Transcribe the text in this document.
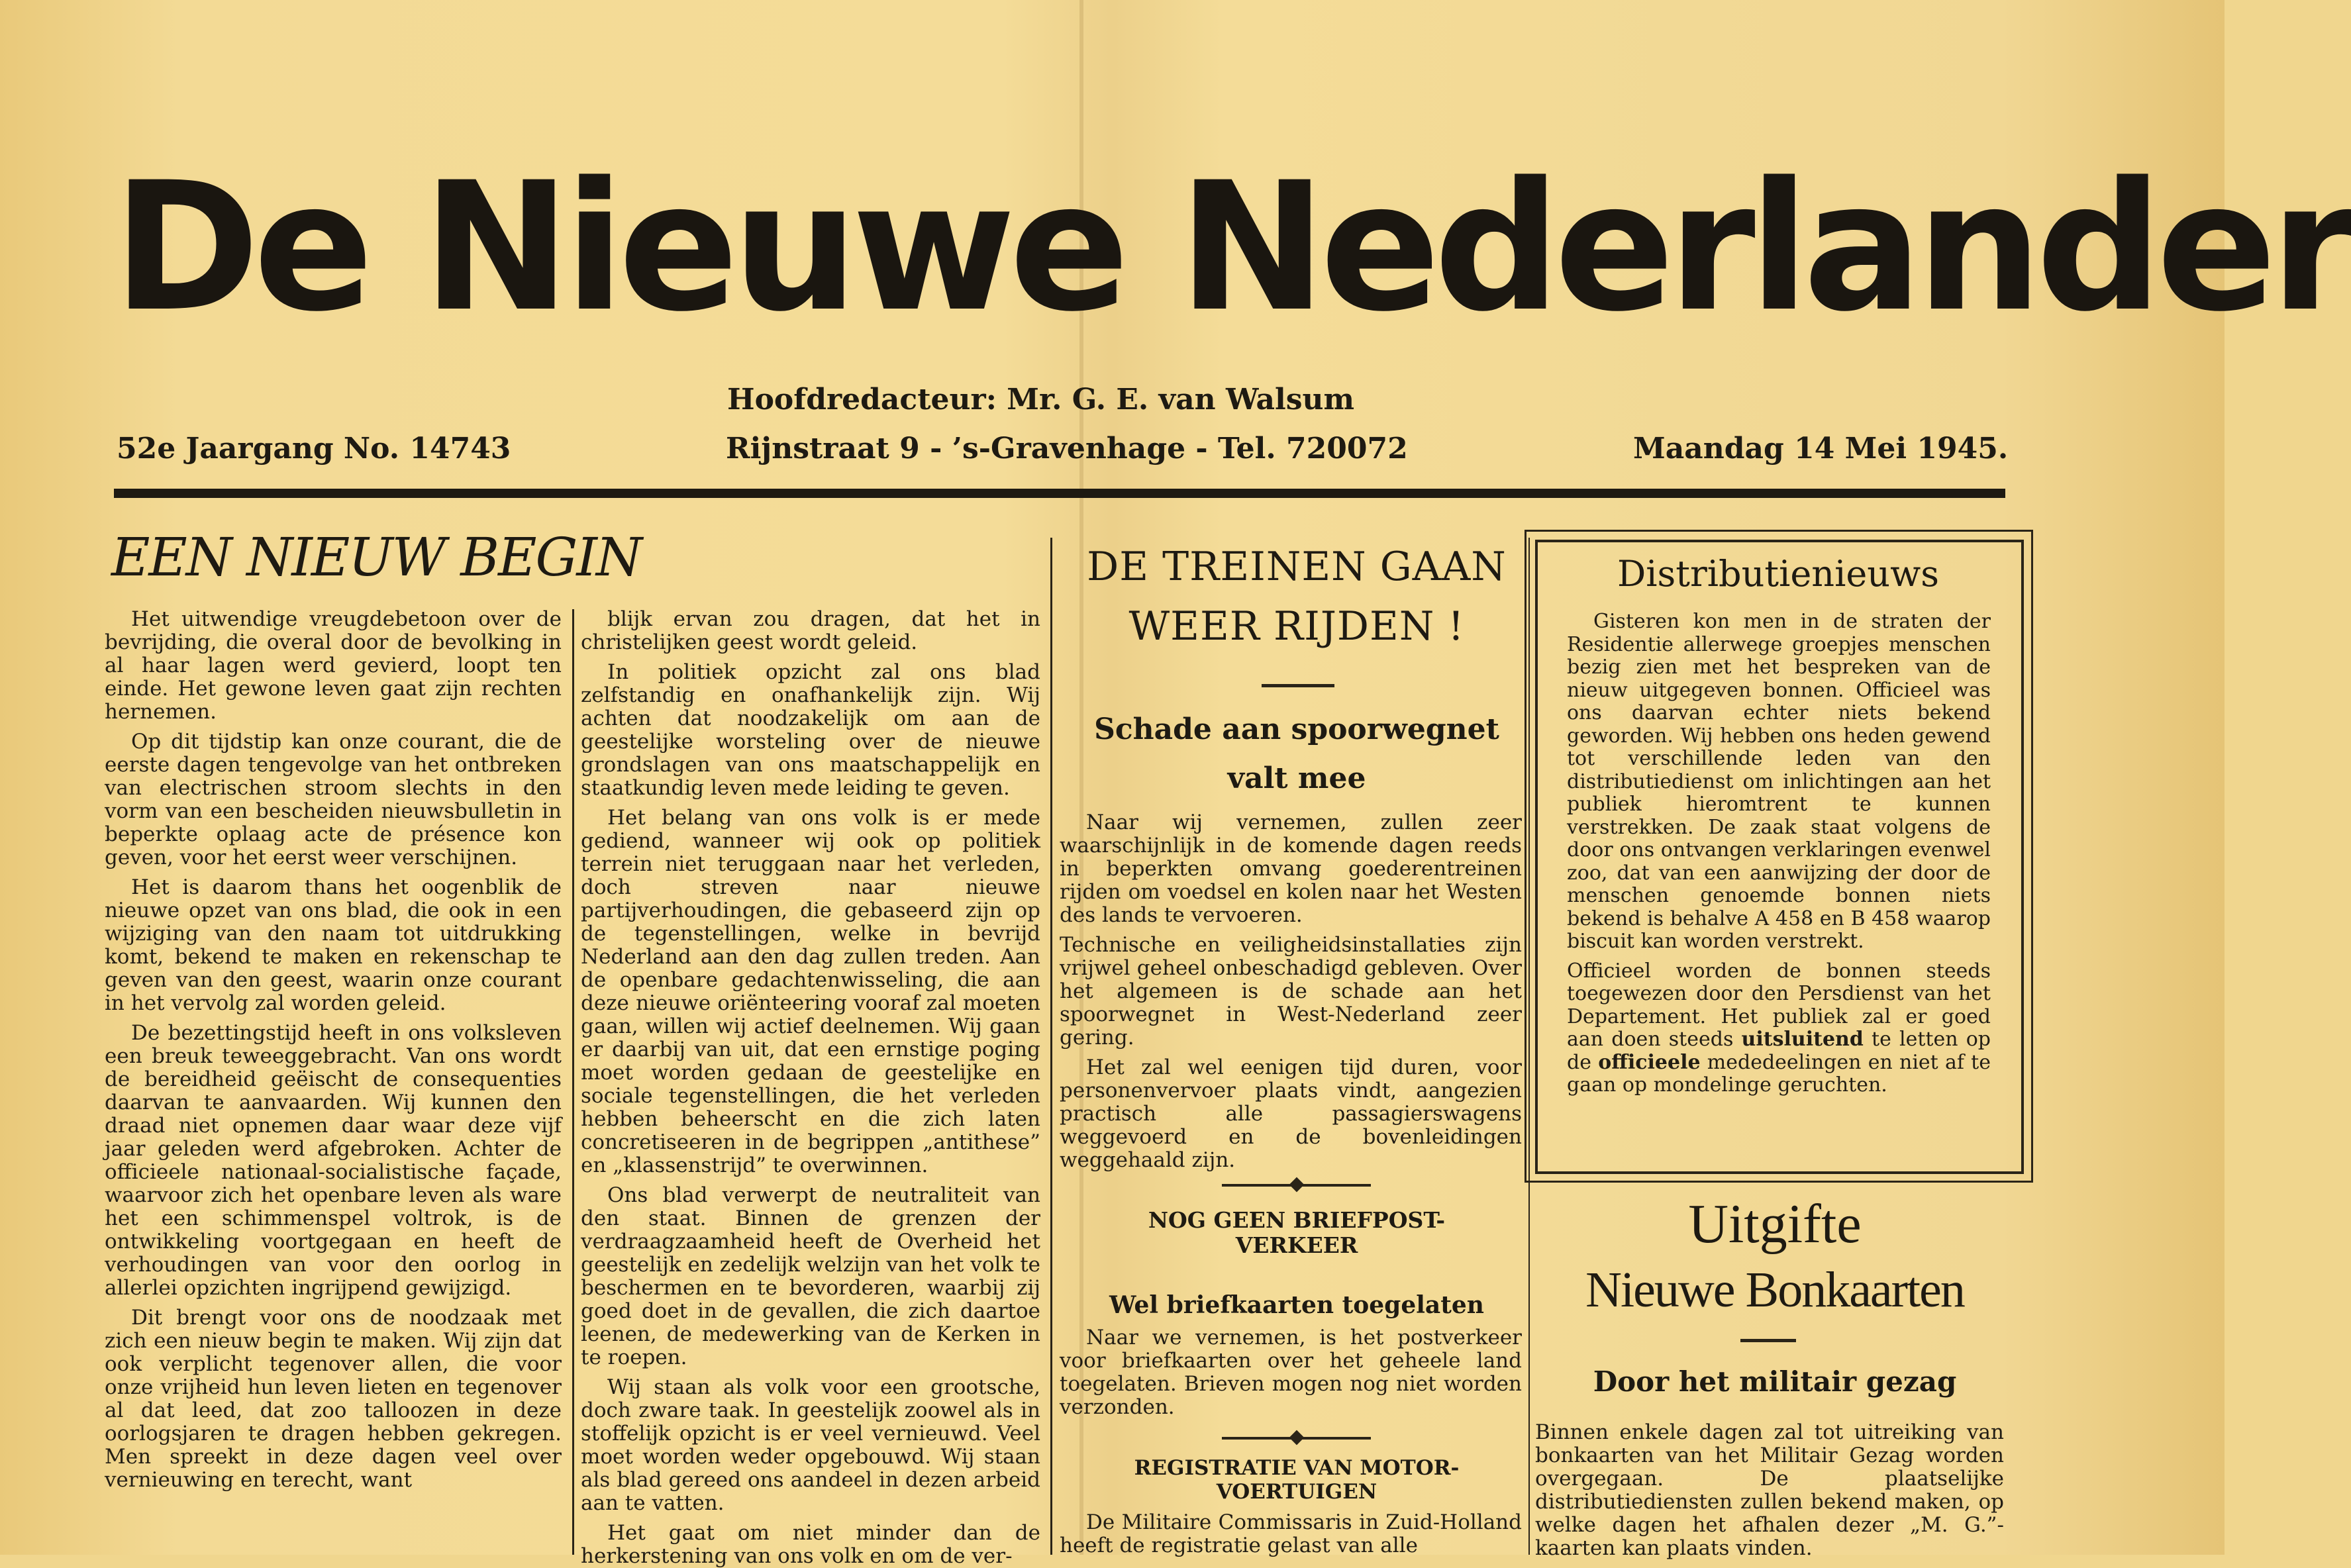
De Nieuwe Nederlander
Hoofdredacteur: Mr. G. E. van Walsum
52e Jaargang No. 14743	Rijnstraat 9 - ’s-Gravenhage - Tel. 720072	Maandag 14 Mei 1945.
EEN NIEUW BEGIN

Het uitwendige vreugdebetoon over de bevrijding, die overal door de bevolking in al haar lagen werd gevierd, loopt ten einde. Het gewone leven gaat zijn rechten hernemen.

Op dit tijdstip kan onze courant, die de eerste dagen tengevolge van het ontbreken van electrischen stroom slechts in den vorm van een bescheiden nieuwsbulletin in beperkte oplaag acte de présence kon geven, voor het eerst weer verschijnen.

Het is daarom thans het oogenblik de nieuwe opzet van ons blad, die ook in een wijziging van den naam tot uitdrukking komt, bekend te maken en rekenschap te geven van den geest, waarin onze courant in het vervolg zal worden geleid.

De bezettingstijd heeft in ons volksleven een breuk teweeggebracht. Van ons wordt de bereidheid geëischt de consequenties daarvan te aanvaarden. Wij kunnen den draad niet opnemen daar waar deze vijf jaar geleden werd afgebroken. Achter de officieele nationaal-socialistische façade, waarvoor zich het openbare leven als ware het een schimmenspel voltrok, is de ontwikkeling voortgegaan en heeft de verhoudingen van voor den oorlog in allerlei opzichten ingrijpend gewijzigd.

Dit brengt voor ons de noodzaak met zich een nieuw begin te maken. Wij zijn dat ook verplicht tegenover allen, die voor onze vrijheid hun leven lieten en tegenover al dat leed, dat zoo talloozen in deze oorlogsjaren te dragen hebben gekregen. Men spreekt in deze dagen veel over vernieuwing en terecht, want

blijk ervan zou dragen, dat het in christelijken geest wordt geleid.

In politiek opzicht zal ons blad zelfstandig en onafhankelijk zijn. Wij achten dat noodzakelijk om aan de geestelijke worsteling over de nieuwe grondslagen van ons maatschappelijk en staatkundig leven mede leiding te geven.

Het belang van ons volk is er mede gediend, wanneer wij ook op politiek terrein niet teruggaan naar het verleden, doch streven naar nieuwe partijverhoudingen, die gebaseerd zijn op de tegenstellingen, welke in bevrijd Nederland aan den dag zullen treden. Aan de openbare gedachtenwisseling, die aan deze nieuwe oriënteering vooraf zal moeten gaan, willen wij actief deelnemen. Wij gaan er daarbij van uit, dat een ernstige poging moet worden gedaan de geestelijke en sociale tegenstellingen, die het verleden hebben beheerscht en die zich laten concretiseeren in de begrippen „antithese” en „klassenstrijd” te overwinnen.

Ons blad verwerpt de neutraliteit van den staat. Binnen de grenzen der verdraagzaamheid heeft de Overheid het geestelijk en zedelijk welzijn van het volk te beschermen en te bevorderen, waarbij zij goed doet in de gevallen, die zich daartoe leenen, de medewerking van de Kerken in te roepen.

Wij staan als volk voor een grootsche, doch zware taak. In geestelijk zoowel als in stoffelijk opzicht is er veel vernieuwd. Veel moet worden weder opgebouwd. Wij staan als blad gereed ons aandeel in dezen arbeid aan te vatten.

Het gaat om niet minder dan de herkerstening van ons volk en om de ver-

DE TREINEN GAAN
WEER RIJDEN !
Schade aan spoorwegnet
valt mee

Naar wij vernemen, zullen zeer waarschijnlijk in de komende dagen reeds in beperkten omvang goederentreinen rijden om voedsel en kolen naar het Westen des lands te vervoeren.

Technische en veiligheidsinstallaties zijn vrijwel geheel onbeschadigd gebleven. Over het algemeen is de schade aan het spoorwegnet in West-Nederland zeer gering.

Het zal wel eenigen tijd duren, voor personenvervoer plaats vindt, aangezien practisch alle passagierswagens weggevoerd en de bovenleidingen weggehaald zijn.

NOG GEEN BRIEFPOST-
VERKEER
Wel briefkaarten toegelaten

Naar we vernemen, is het postverkeer voor briefkaarten over het geheele land toegelaten. Brieven mogen nog niet worden verzonden.

REGISTRATIE VAN MOTOR-
VOERTUIGEN

De Militaire Commissaris in Zuid-Holland heeft de registratie gelast van alle

Distributienieuws

Gisteren kon men in de straten der Residentie allerwege groepjes menschen bezig zien met het bespreken van de nieuw uitgegeven bonnen. Officieel was ons daarvan echter niets bekend geworden. Wij hebben ons heden gewend tot verschillende leden van den distributiedienst om inlichtingen aan het publiek hieromtrent te kunnen verstrekken. De zaak staat volgens de door ons ontvangen verklaringen evenwel zoo, dat van een aanwijzing der door de menschen genoemde bonnen niets bekend is behalve A 458 en B 458 waarop biscuit kan worden verstrekt.

Officieel worden de bonnen steeds toegewezen door den Persdienst van het Departement. Het publiek zal er goed aan doen steeds uitsluitend te letten op de officieele mededeelingen en niet af te gaan op mondelinge geruchten.

Uitgifte
Nieuwe Bonkaarten
Door het militair gezag

Binnen enkele dagen zal tot uitreiking van bonkaarten van het Militair Gezag worden overgegaan. De plaatselijke distributiediensten zullen bekend maken, op welke dagen het afhalen dezer „M. G.”-kaarten kan plaats vinden.
